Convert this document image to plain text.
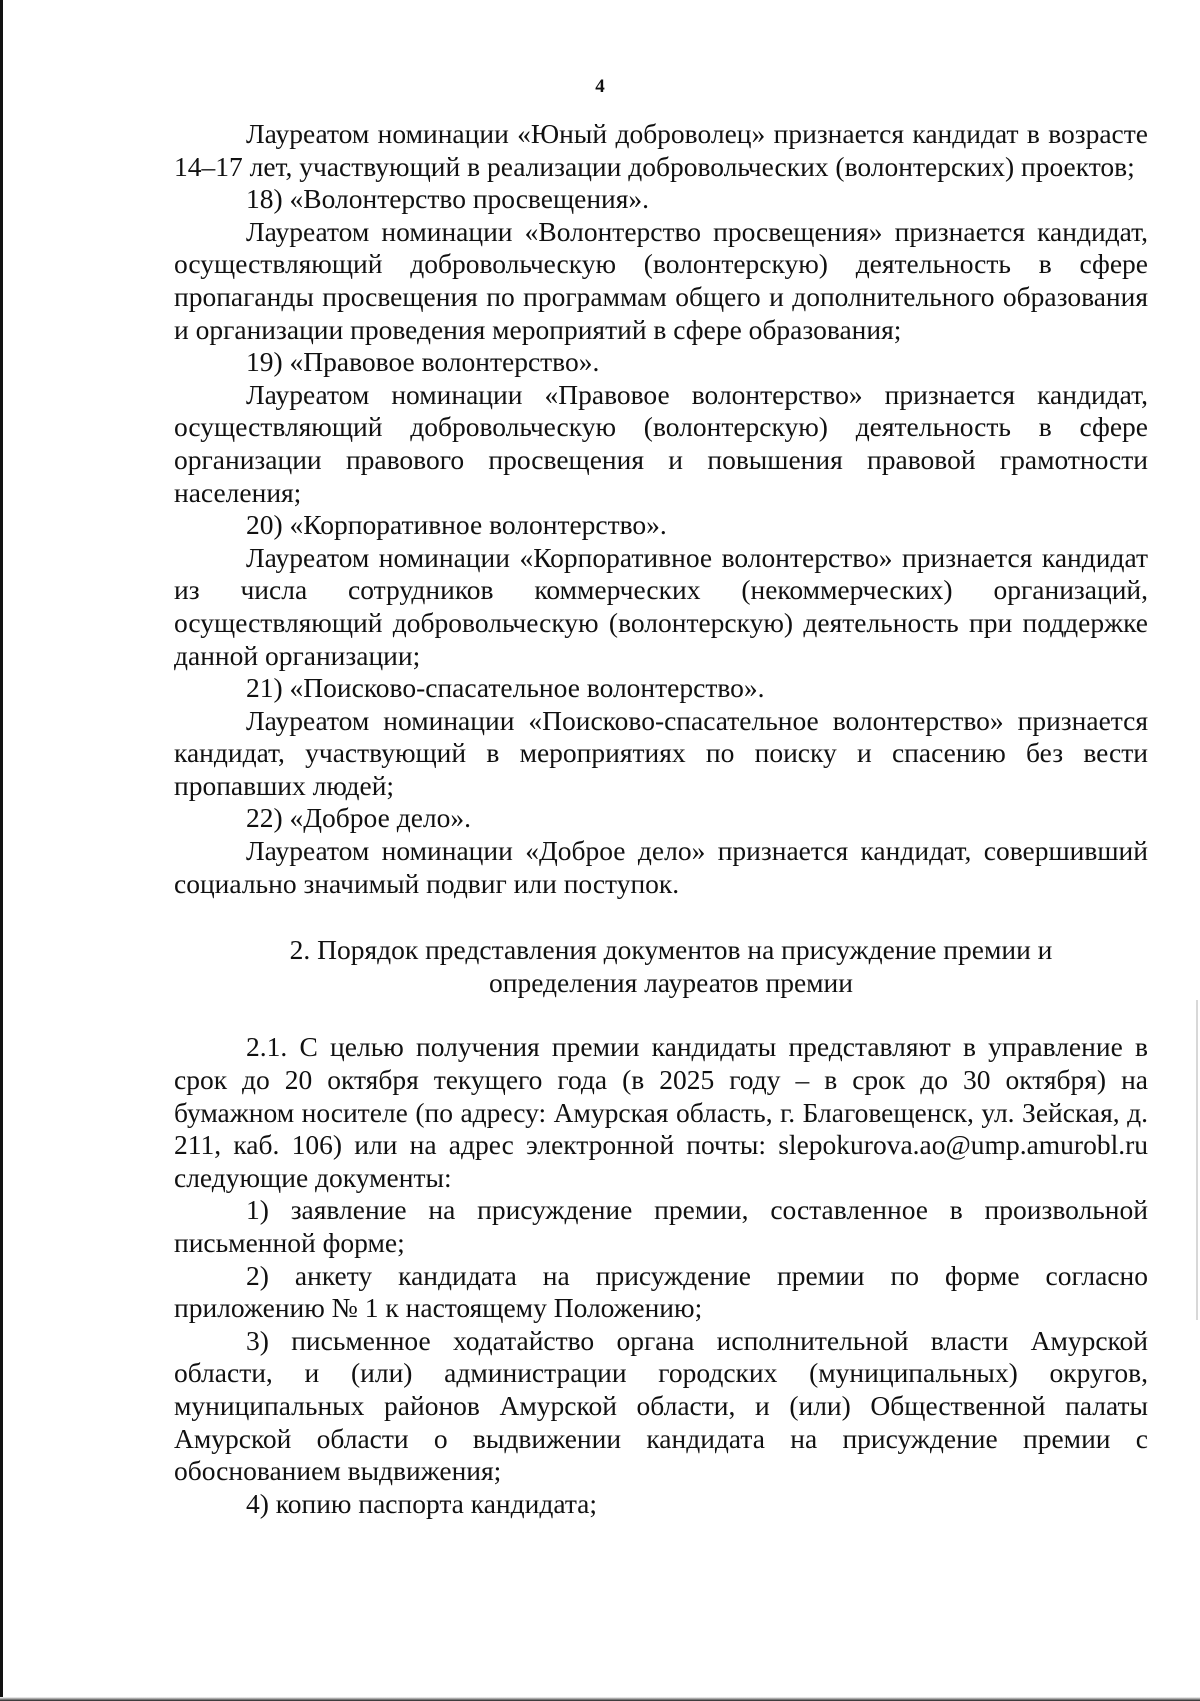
4

Лауреатом номинации «Юный доброволец» признается кандидат в возрасте 14–17 лет, участвующий в реализации добровольческих (волонтерских) проектов;

18) «Волонтерство просвещения».

Лауреатом номинации «Волонтерство просвещения» признается кандидат, осуществляющий добровольческую (волонтерскую) деятельность в сфере пропаганды просвещения по программам общего и дополнительного образования и организации проведения мероприятий в сфере образования;

19) «Правовое волонтерство».

Лауреатом номинации «Правовое волонтерство» признается кандидат, осуществляющий добровольческую (волонтерскую) деятельность в сфере организации правового просвещения и повышения правовой грамотности населения;

20) «Корпоративное волонтерство».

Лауреатом номинации «Корпоративное волонтерство» признается кандидат из числа сотрудников коммерческих (некоммерческих) организаций, осуществляющий добровольческую (волонтерскую) деятельность при поддержке данной организации;

21) «Поисково-спасательное волонтерство».

Лауреатом номинации «Поисково-спасательное волонтерство» признается кандидат, участвующий в мероприятиях по поиску и спасению без вести пропавших людей;

22) «Доброе дело».

Лауреатом номинации «Доброе дело» признается кандидат, совершивший социально значимый подвиг или поступок.

2. Порядок представления документов на присуждение премии и определения лауреатов премии

2.1. С целью получения премии кандидаты представляют в управление в срок до 20 октября текущего года (в 2025 году – в срок до 30 октября) на бумажном носителе (по адресу: Амурская область, г. Благовещенск, ул. Зейская, д. 211, каб. 106) или на адрес электронной почты: slepokurova.ao@ump.amurobl.ru следующие документы:

1) заявление на присуждение премии, составленное в произвольной письменной форме;

2) анкету кандидата на присуждение премии по форме согласно приложению № 1 к настоящему Положению;

3) письменное ходатайство органа исполнительной власти Амурской области, и (или) администрации городских (муниципальных) округов, муниципальных районов Амурской области, и (или) Общественной палаты Амурской области о выдвижении кандидата на присуждение премии с обоснованием выдвижения;

4) копию паспорта кандидата;
